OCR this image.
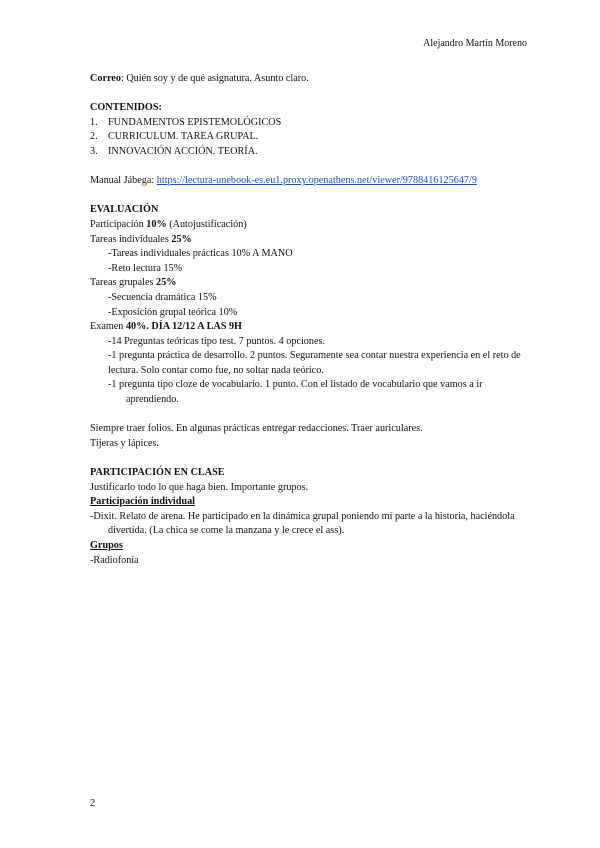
Alejandro Martín Moreno
Correo: Quién soy y de qué asignatura. Asunto claro.
CONTENIDOS:
1.	FUNDAMENTOS EPISTEMOLÓGICOS
2.	CURRICULUM. TAREA GRUPAL.
3.	INNOVACIÓN ACCIÓN. TEORÍA.
Manual Jábega: https://lectura-unebook-es.eu1.proxy.openathens.net/viewer/9788416125647/9
EVALUACIÓN
Participación 10% (Autojustificación)
Tareas individuales 25%
-Tareas individuales prácticas 10% A MANO
-Reto lectura 15%
Tareas grupales 25%
-Secuencia dramática 15%
-Exposición grupal teórica 10%
Examen 40%. DÍA 12/12 A LAS 9H
-14 Preguntas teóricas tipo test. 7 puntos. 4 opciones.
-1 pregunta práctica de desarrollo. 2 puntos. Seguramente sea contar nuestra experiencia en el reto de lectura. Solo contar como fue, no soltar nada teórico.
-1 pregunta tipo cloze de vocabulario. 1 punto. Con el listado de vocabulario que vamos a ir aprendiendo.
Siempre traer folios. En algunas prácticas entregar redacciones. Traer auriculares.
Tijeras y lápices.
PARTICIPACIÓN EN CLASE
Justificarlo todo lo que haga bien. Importante grupos.
Participación individual
-Dixit. Relato de arena. He participado en la dinámica grupal poniendo mi parte a la historia, haciéndola divertida. (La chica se come la manzana y le crece el ass).
Grupos
-Radiofonía
2
